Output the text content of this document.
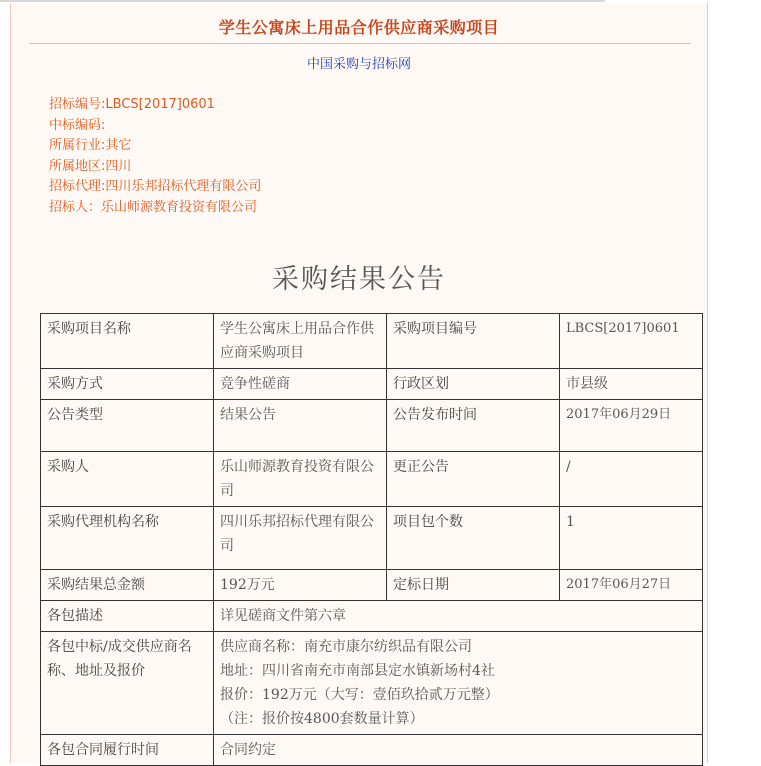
学生公寓床上用品合作供应商采购项目
中国采购与招标网
招标编号:LBCS[2017]0601
中标编码:
所属行业:其它
所属地区:四川
招标代理:四川乐邦招标代理有限公司
招标人：乐山师源教育投资有限公司
采购结果公告
采购项目名称	学生公寓床上用品合作供应商采购项目	采购项目编号	LBCS[2017]0601
采购方式	竞争性磋商	行政区划	市县级
公告类型	结果公告	公告发布时间	2017年06月29日
采购人	乐山师源教育投资有限公司	更正公告	/
采购代理机构名称	四川乐邦招标代理有限公司	项目包个数	1
采购结果总金额	192万元	定标日期	2017年06月27日
各包描述	详见磋商文件第六章		
各包中标/成交供应商名称、地址及报价	供应商名称：南充市康尔纺织品有限公司
地址：四川省南充市南部县定水镇新场村4社
报价：192万元（大写：壹佰玖拾贰万元整）
（注：报价按4800套数量计算）		

各包合同履行时间	合同约定		
